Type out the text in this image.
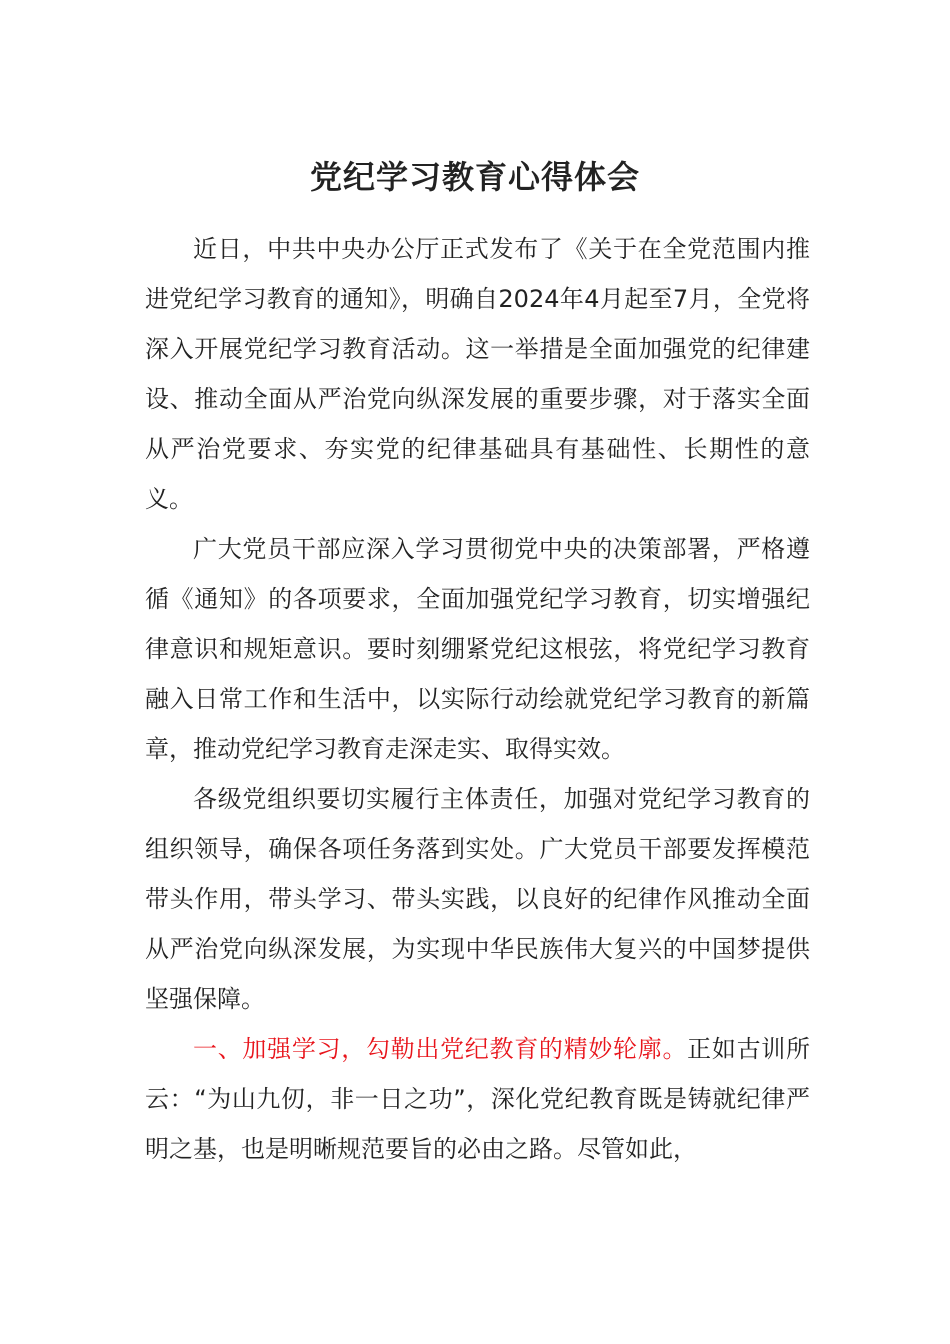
党纪学习教育心得体会

近日，中共中央办公厅正式发布了《关于在全党范围内推进党纪学习教育的通知》，明确自2024年4月起至7月，全党将深入开展党纪学习教育活动。这一举措是全面加强党的纪律建设、推动全面从严治党向纵深发展的重要步骤，对于落实全面从严治党要求、夯实党的纪律基础具有基础性、长期性的意义。

广大党员干部应深入学习贯彻党中央的决策部署，严格遵循《通知》的各项要求，全面加强党纪学习教育，切实增强纪律意识和规矩意识。要时刻绷紧党纪这根弦，将党纪学习教育融入日常工作和生活中，以实际行动绘就党纪学习教育的新篇章，推动党纪学习教育走深走实、取得实效。

各级党组织要切实履行主体责任，加强对党纪学习教育的组织领导，确保各项任务落到实处。广大党员干部要发挥模范带头作用，带头学习、带头实践，以良好的纪律作风推动全面从严治党向纵深发展，为实现中华民族伟大复兴的中国梦提供坚强保障。

一、加强学习，勾勒出党纪教育的精妙轮廓。正如古训所云：“为山九仞，非一日之功”，深化党纪教育既是铸就纪律严明之基，也是明晰规范要旨的必由之路。尽管如此，
